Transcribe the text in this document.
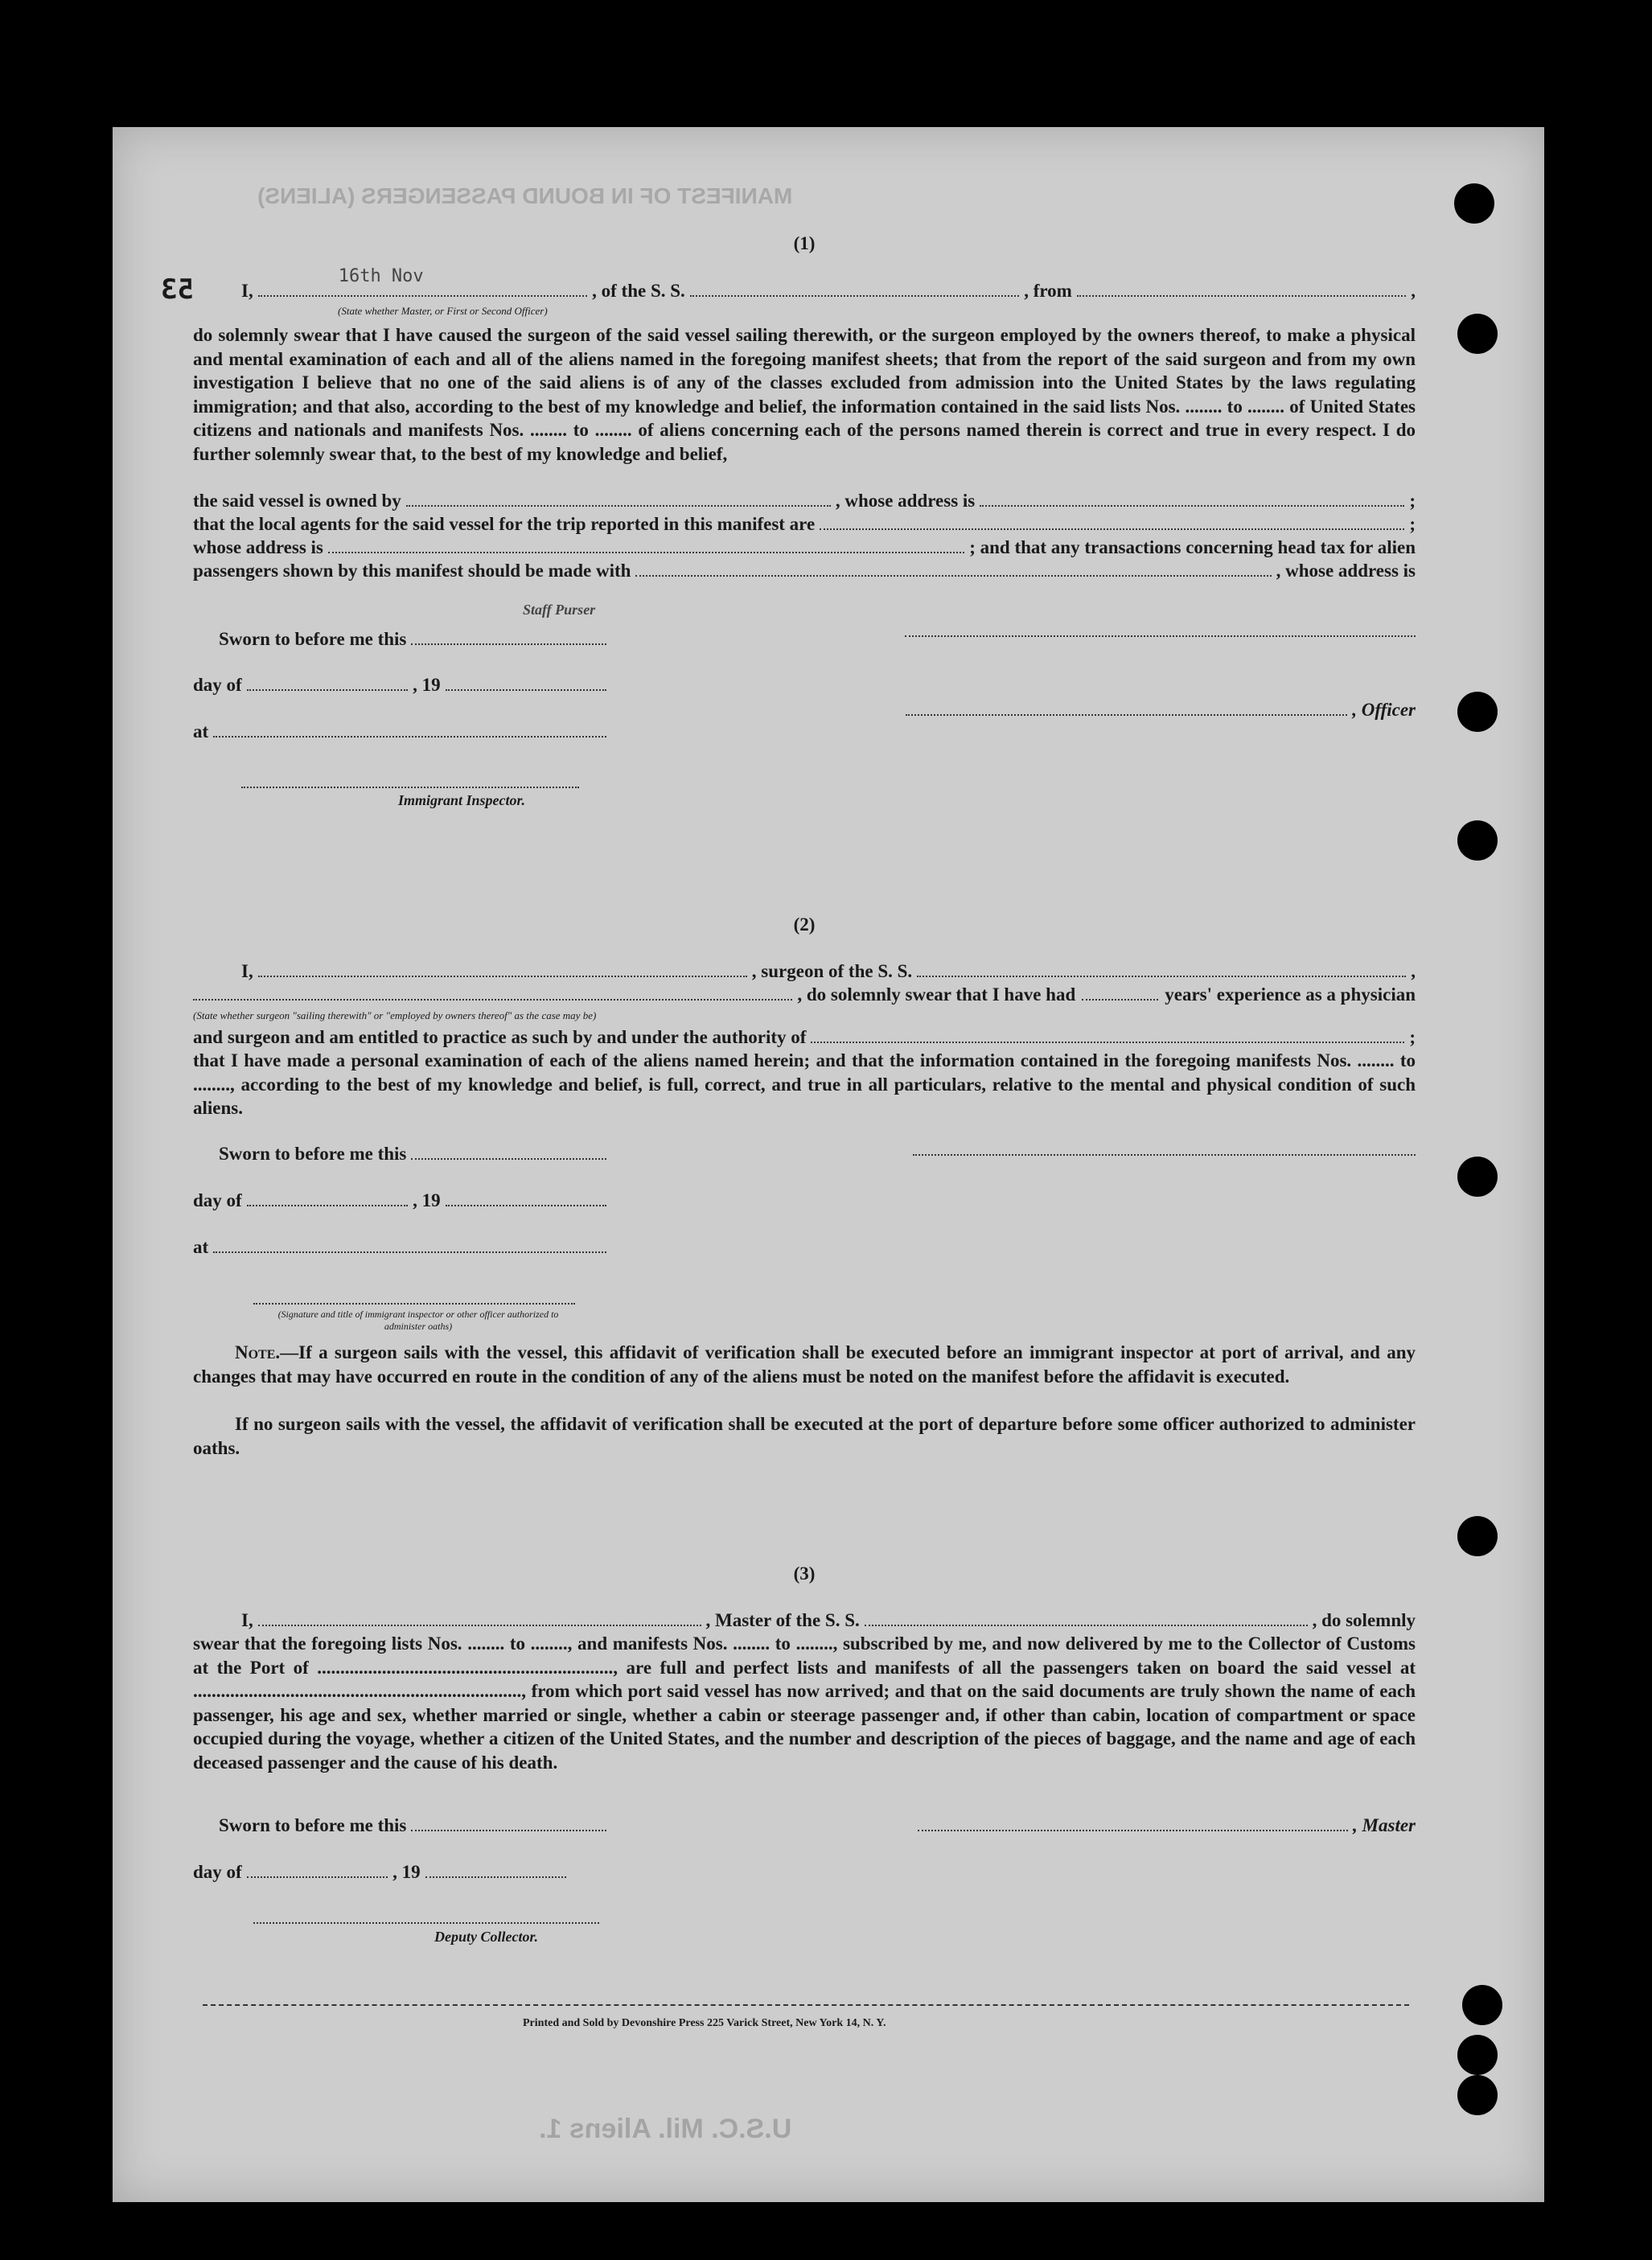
MANIFEST OF IN BOUND PASSENGERS (ALIENS)
U.S.C. Mil. Aliens 1.
53
(1)
I,
16th Nov
, of the S. S.	, from	,
(State whether Master, or First or Second Officer)
do solemnly swear that I have caused the surgeon of the said vessel sailing therewith, or the surgeon employed by the owners thereof, to make a physical and mental examination of each and all of the aliens named in the foregoing manifest sheets; that from the report of the said surgeon and from my own investigation I believe that no one of the said aliens is of any of the classes excluded from admission into the United States by the laws regulating immigration; and that also, according to the best of my knowledge and belief, the information contained in the said lists Nos. ........ to ........ of United States citizens and nationals and manifests Nos. ........ to ........ of aliens concerning each of the persons named therein is correct and true in every respect. I do further solemnly swear that, to the best of my knowledge and belief,
the said vessel is owned by	, whose address is	;
that the local agents for the said vessel for the trip reported in this manifest are	;
whose address is	; and that any transactions concerning head tax for alien
passengers shown by this manifest should be made with	, whose address is
Sworn to before me this
Staff Purser
day of	, 19
, Officer
at
Immigrant Inspector.
(2)
I,	, surgeon of the S. S.	,
, do solemnly swear that I have had	years' experience as a physician
(State whether surgeon "sailing therewith" or "employed by owners thereof" as the case may be)
and surgeon and am entitled to practice as such by and under the authority of	;
that I have made a personal examination of each of the aliens named herein; and that the information contained in the foregoing manifests Nos. ........ to ........, according to the best of my knowledge and belief, is full, correct, and true in all particulars, relative to the mental and physical condition of such aliens.
Sworn to before me this
day of	, 19
at
(Signature and title of immigrant inspector or other officer authorized to administer oaths)
Note.—If a surgeon sails with the vessel, this affidavit of verification shall be executed before an immigrant inspector at port of arrival, and any changes that may have occurred en route in the condition of any of the aliens must be noted on the manifest before the affidavit is executed.
If no surgeon sails with the vessel, the affidavit of verification shall be executed at the port of departure before some officer authorized to administer oaths.
(3)
I,	, Master of the S. S.	, do solemnly
swear that the foregoing lists Nos. ........ to ........, and manifests Nos. ........ to ........, subscribed by me, and now delivered by me to the Collector of Customs at the Port of ................................................................, are full and perfect lists and manifests of all the passengers taken on board the said vessel at ......................................................................., from which port said vessel has now arrived; and that on the said documents are truly shown the name of each passenger, his age and sex, whether married or single, whether a cabin or steerage passenger and, if other than cabin, location of compartment or space occupied during the voyage, whether a citizen of the United States, and the number and description of the pieces of baggage, and the name and age of each deceased passenger and the cause of his death.
Sworn to before me this	, Master
day of	, 19
Deputy Collector.
Printed and Sold by Devonshire Press 225 Varick Street, New York 14, N. Y.
